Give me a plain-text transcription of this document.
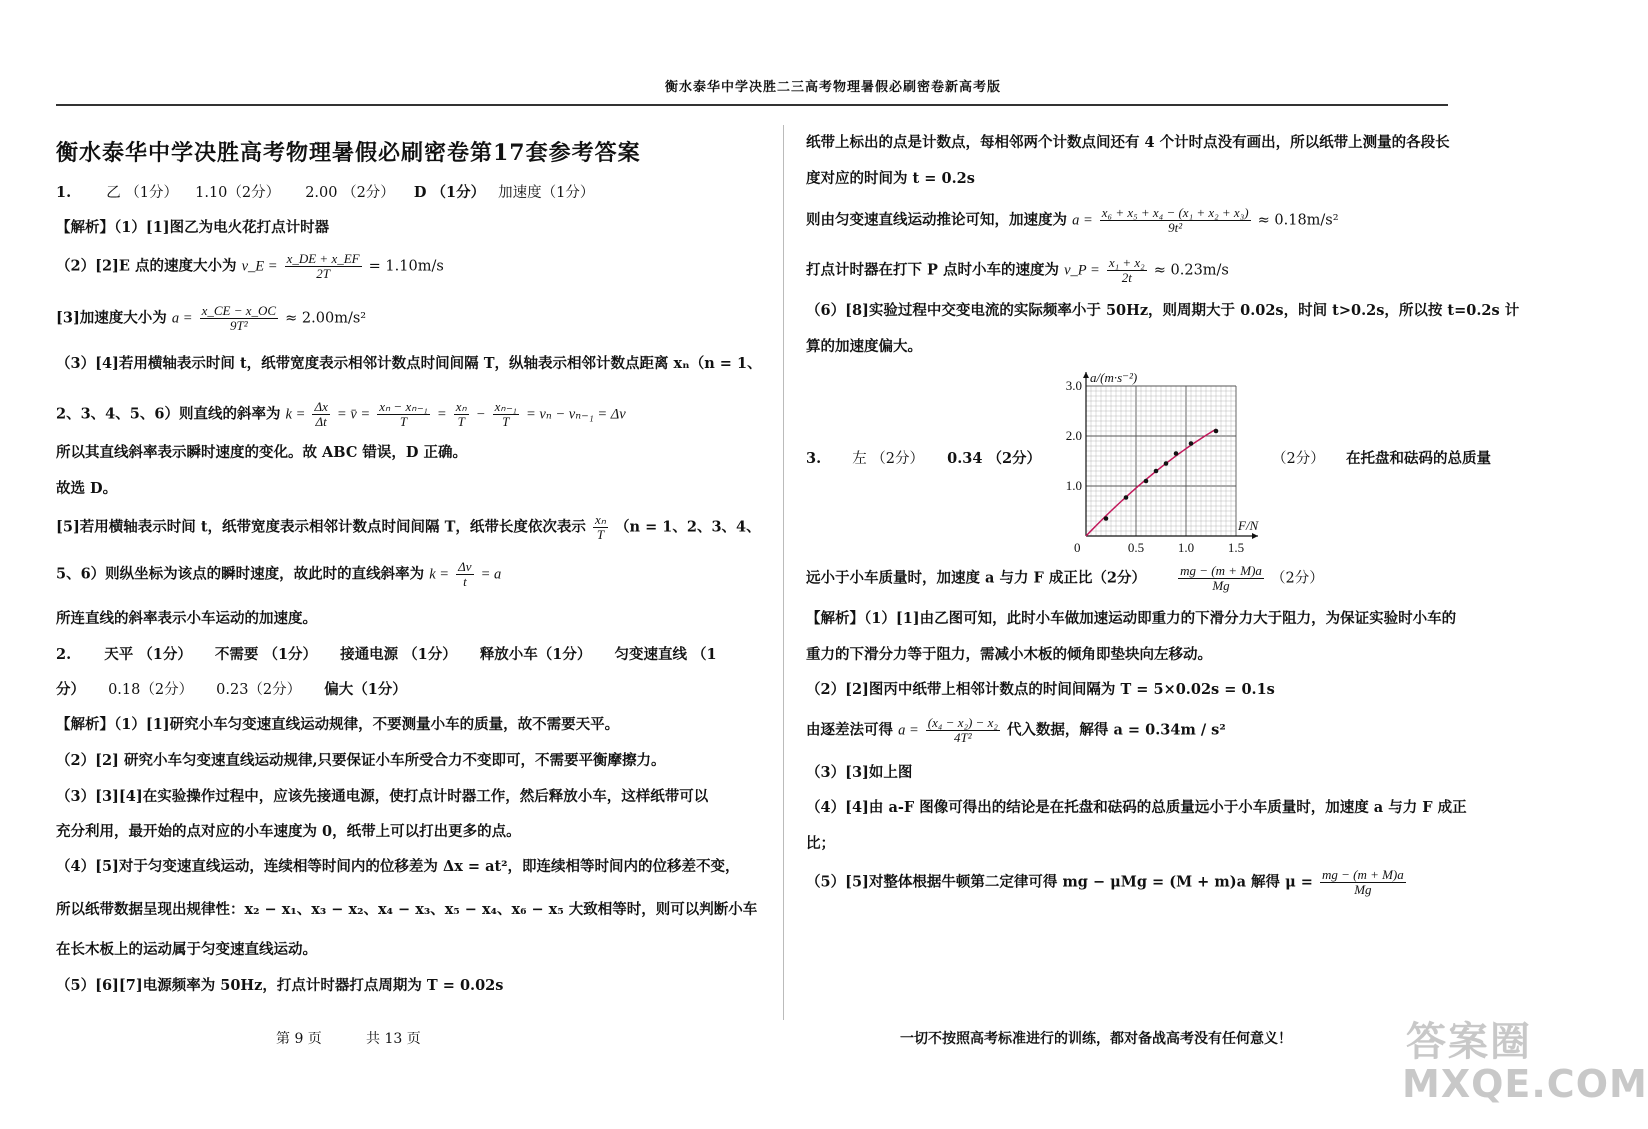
衡水泰华中学决胜二三高考物理暑假必刷密卷新高考版
衡水泰华中学决胜高考物理暑假必刷密卷第17套参考答案
1. 乙 （1分） 1.10（2分） 2.00 （2分） D （1分） 加速度（1分）
【解析】（1）[1]图乙为电火花打点计时器
（2）[2]E 点的速度大小为 v_E = $\frac{x\_DE + x\_EF}{2T} = 1.10m/s$
[3]加速度大小为 $a = \frac{x\_CE - x\_OC}{\text{9T²}} \approx 2.00m/s^2$
（3）[4]若用横轴表示时间 t，纸带宽度表示相邻计数点时间间隔 T，纵轴表示相邻计数点距离 xₙ（n = 1、
2、3、4、5、6）则直线的斜率为 $k = \frac{\Delta x}{\Delta t}$ = v̄ = $\frac{\text{xₙ − xₙ₋₁}}{T} = \frac{\text{xₙ}}{T} - \frac{\text{xₙ₋₁}}{T} = v_n - v_{n-1} = \Delta v$
所以其直线斜率表示瞬时速度的变化。故 ABC 错误，D 正确。
故选 D。
[5]若用横轴表示时间 t，纸带宽度表示相邻计数点时间间隔 T，纸带长度依次表示 $\frac{\text{xₙ}}{T} (n = 1$、2、3、4、
5、6）则纵坐标为该点的瞬时速度，故此时的直线斜率为 $k = \frac{\Delta v}{t} = a$
所连直线的斜率表示小车运动的加速度。
2. 天平 （1分） 不需要 （1分） 接通电源 （1分） 释放小车（1分） 匀变速直线 （1
分） 0.18（2分） 0.23（2分） 偏大（1分）
【解析】（1）[1]研究小车匀变速直线运动规律，不要测量小车的质量，故不需要天平。
（2）[2] 研究小车匀变速直线运动规律,只要保证小车所受合力不变即可，不需要平衡摩擦力。
（3）[3][4]在实验操作过程中，应该先接通电源，使打点计时器工作，然后释放小车，这样纸带可以
充分利用，最开始的点对应的小车速度为 0，纸带上可以打出更多的点。
（4）[5]对于匀变速直线运动，连续相等时间内的位移差为 Δx = at²，即连续相等时间内的位移差不变，
所以纸带数据呈现出规律性：x₂ − x₁、x₃ − x₂、x₄ − x₃、x₅ − x₄、x₆ − x₅ 大致相等时，则可以判断小车
在长木板上的运动属于匀变速直线运动。
（5）[6][7]电源频率为 50Hz，打点计时器打点周期为 T = 0.02s
纸带上标出的点是计数点，每相邻两个计数点间还有 4 个计时点没有画出，所以纸带上测量的各段长
度对应的时间为 t = 0.2s
则由匀变速直线运动推论可知，加速度为 $a = \frac{\text{x₆ + x₅ + x₄ − (x₁ + x₂ + x₃)}}{\text{9t²}} \approx 0.18m/s^2$
打点计时器在打下 P 点时小车的速度为 v_P = $\frac{\text{x₁ + x₂}}{2t} \approx 0.23m/s$
（6）[8]实验过程中交变电流的实际频率小于 50Hz，则周期大于 0.02s，时间 t>0.2s，所以按 t=0.2s 计
算的加速度偏大。
3. 左 （2分） 0.34 （2分）
0.5	1.0	1.5
1.0
2.0
3.0
0
a/(m·s⁻²)
F/N
（2分） 在托盘和砝码的总质量
远小于小车质量时，加速度 a 与力 F 成正比（2分） $\frac{mg - (m + M)a}{Mg} (2$分）
【解析】（1）[1]由乙图可知，此时小车做加速运动即重力的下滑分力大于阻力，为保证实验时小车的
重力的下滑分力等于阻力，需减小木板的倾角即垫块向左移动。
（2）[2]图丙中纸带上相邻计数点的时间间隔为 T = 5×0.02s = 0.1s
由逐差法可得 $a = \frac{\text{(x₄ − x₂) − x₂}}{\text{4T²}}$ 代入数据，解得 a = 0.34m / s²
（3）[3]如上图
（4）[4]由 a-F 图像可得出的结论是在托盘和砝码的总质量远小于小车质量时，加速度 a 与力 F 成正
比；
（5）[5]对整体根据牛顿第二定律可得 mg − μMg = (M + m)a 解得 $\mu = \frac{mg - (m + M)a}{Mg}$
第 9 页	共 13 页	一切不按照高考标准进行的训练，都对备战高考没有任何意义！	答案圈
MXQE.COM
